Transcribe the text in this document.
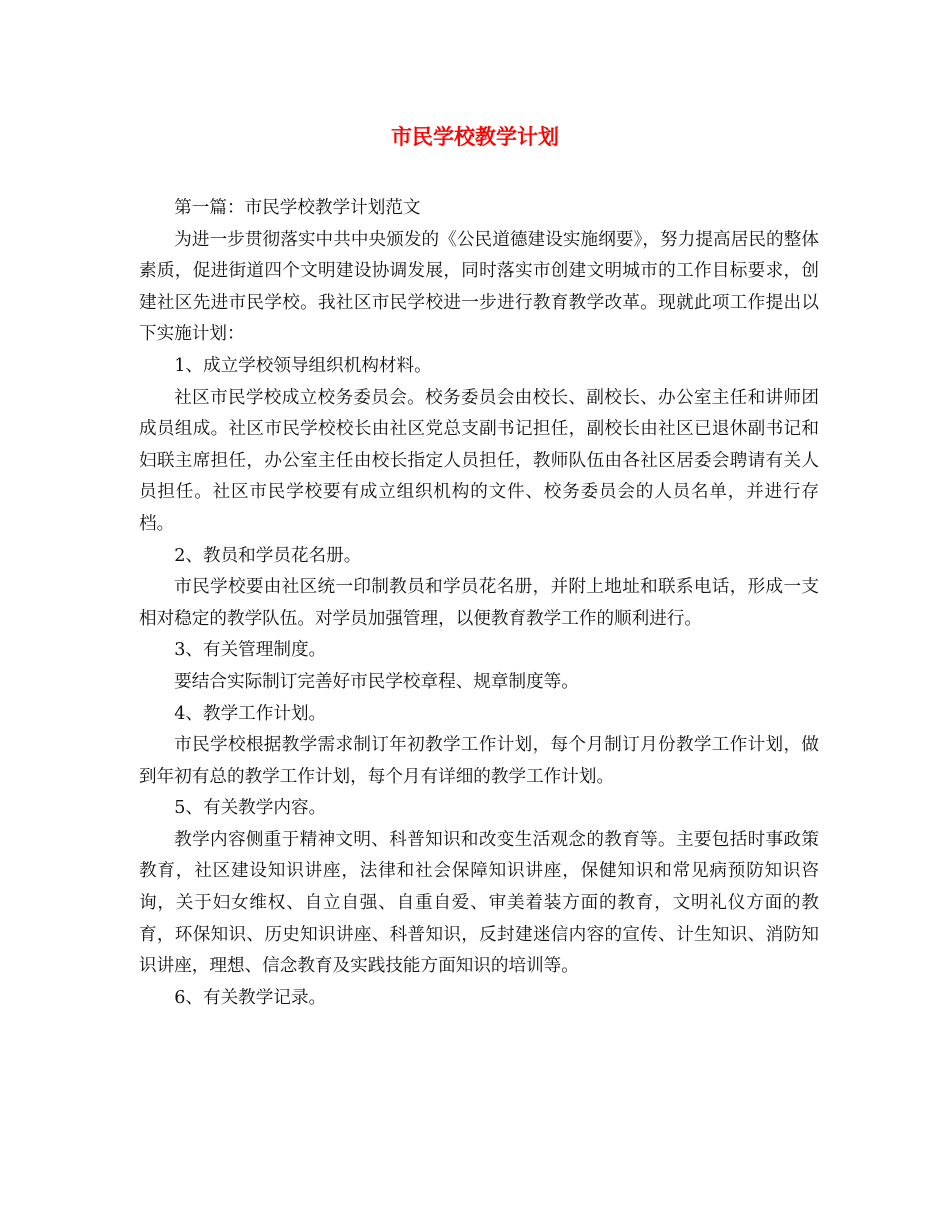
市民学校教学计划

第一篇：市民学校教学计划范文

为进一步贯彻落实中共中央颁发的《公民道德建设实施纲要》，努力提高居民的整体素质，促进街道四个文明建设协调发展，同时落实市创建文明城市的工作目标要求，创建社区先进市民学校。我社区市民学校进一步进行教育教学改革。现就此项工作提出以下实施计划：

1、成立学校领导组织机构材料。

社区市民学校成立校务委员会。校务委员会由校长、副校长、办公室主任和讲师团成员组成。社区市民学校校长由社区党总支副书记担任，副校长由社区已退休副书记和妇联主席担任，办公室主任由校长指定人员担任，教师队伍由各社区居委会聘请有关人员担任。社区市民学校要有成立组织机构的文件、校务委员会的人员名单，并进行存档。

2、教员和学员花名册。

市民学校要由社区统一印制教员和学员花名册，并附上地址和联系电话，形成一支相对稳定的教学队伍。对学员加强管理，以便教育教学工作的顺利进行。

3、有关管理制度。

要结合实际制订完善好市民学校章程、规章制度等。

4、教学工作计划。

市民学校根据教学需求制订年初教学工作计划，每个月制订月份教学工作计划，做到年初有总的教学工作计划，每个月有详细的教学工作计划。

5、有关教学内容。

教学内容侧重于精神文明、科普知识和改变生活观念的教育等。主要包括时事政策教育，社区建设知识讲座，法律和社会保障知识讲座，保健知识和常见病预防知识咨询，关于妇女维权、自立自强、自重自爱、审美着装方面的教育，文明礼仪方面的教育，环保知识、历史知识讲座、科普知识，反封建迷信内容的宣传、计生知识、消防知识讲座，理想、信念教育及实践技能方面知识的培训等。

6、有关教学记录。
